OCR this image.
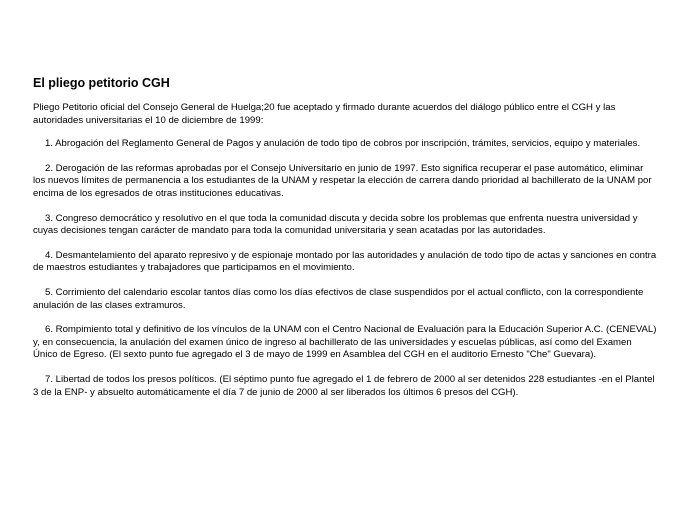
El pliego petitorio CGH

Pliego Petitorio oficial del Consejo General de Huelga;20 fue aceptado y firmado durante acuerdos del diálogo público entre el CGH y las autoridades universitarias el 10 de diciembre de 1999:

1. Abrogación del Reglamento General de Pagos y anulación de todo tipo de cobros por inscripción, trámites, servicios, equipo y materiales.

2. Derogación de las reformas aprobadas por el Consejo Universitario en junio de 1997. Esto significa recuperar el pase automático, eliminar los nuevos límites de permanencia a los estudiantes de la UNAM y respetar la elección de carrera dando prioridad al bachillerato de la UNAM por encima de los egresados de otras instituciones educativas.

3. Congreso democrático y resolutivo en el que toda la comunidad discuta y decida sobre los problemas que enfrenta nuestra universidad y cuyas decisiones tengan carácter de mandato para toda la comunidad universitaria y sean acatadas por las autoridades.

4. Desmantelamiento del aparato represivo y de espionaje montado por las autoridades y anulación de todo tipo de actas y sanciones en contra de maestros estudiantes y trabajadores que participamos en el movimiento.

5. Corrimiento del calendario escolar tantos días como los días efectivos de clase suspendidos por el actual conflicto, con la correspondiente anulación de las clases extramuros.

6. Rompimiento total y definitivo de los vínculos de la UNAM con el Centro Nacional de Evaluación para la Educación Superior A.C. (CENEVAL) y, en consecuencia, la anulación del examen único de ingreso al bachillerato de las universidades y escuelas públicas, así como del Examen Único de Egreso. (El sexto punto fue agregado el 3 de mayo de 1999 en Asamblea del CGH en el auditorio Ernesto "Che" Guevara).

7. Libertad de todos los presos políticos. (El séptimo punto fue agregado el 1 de febrero de 2000 al ser detenidos 228 estudiantes -en el Plantel 3 de la ENP- y absuelto automáticamente el día 7 de junio de 2000 al ser liberados los últimos 6 presos del CGH).
